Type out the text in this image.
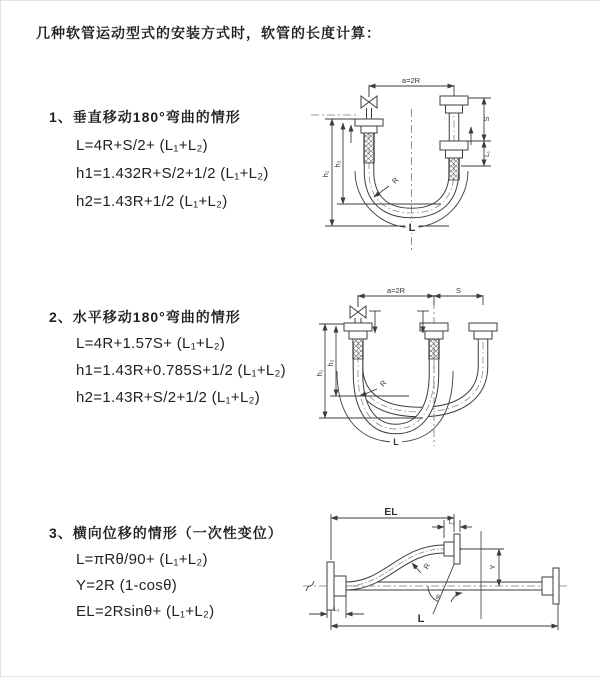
几种软管运动型式的安装方式时，软管的长度计算：
1、垂直移动180°弯曲的情形
L=4R+S/2+ (L₁+L₂)
h1=1.432R+S/2+1/2 (L₁+L₂)
h2=1.43R+1/2 (L₁+L₂)
2、水平移动180°弯曲的情形
L=4R+1.57S+ (L₁+L₂)
h1=1.43R+0.785S+1/2 (L₁+L₂)
h2=1.43R+S/2+1/2 (L₁+L₂)
3、横向位移的情形（一次性变位）
L=πRθ/90+ (L₁+L₂)
Y=2R (1-cosθ)
EL=2Rsinθ+ (L₁+L₂)
a=2R
h₁
h₂
S
L₁
R
L
a=2R	S
h₁
h₂
R
L
EL
L₂
Y
R
θ
L
L₁
